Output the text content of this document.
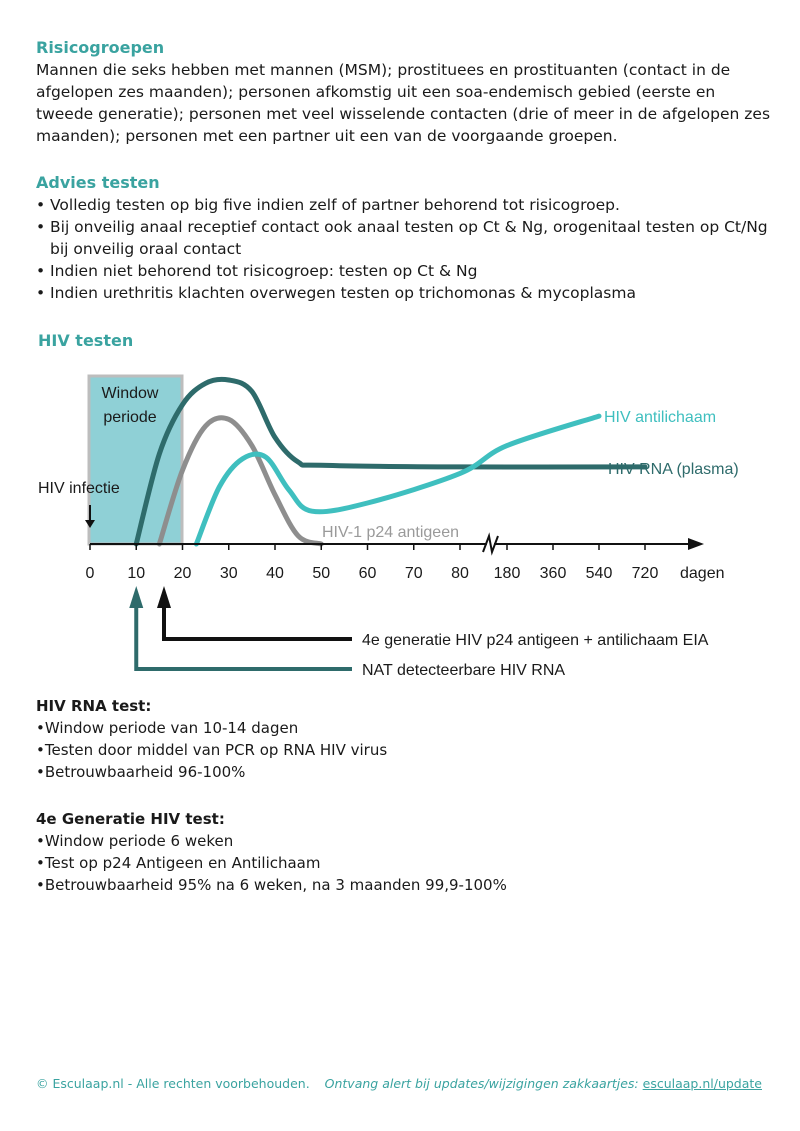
Risicogroepen
Mannen die seks hebben met mannen (MSM); prostituees en prostituanten (contact in de afgelopen zes maanden); personen afkomstig uit een soa-endemisch gebied (eerste en tweede generatie); personen met veel wisselende contacten (drie of meer in de afgelopen zes maanden); personen met een partner uit een van de voorgaande groepen.
Advies testen
• Volledig testen op big five indien zelf of partner behorend tot risicogroep.
• Bij onveilig anaal receptief contact ook anaal testen op Ct & Ng, orogenitaal testen op Ct/Ng bij onveilig oraal contact
• Indien niet behorend tot risicogroep: testen op Ct & Ng
• Indien urethritis klachten overwegen testen op trichomonas & mycoplasma
HIV testen
Window
periode
HIV infectie
0 10 20 30 40 50 60 70 80 180 360 540 720 dagen
HIV antilichaam
HIV RNA (plasma)
HIV-1 p24 antigeen
4e generatie HIV p24 antigeen + antilichaam EIA
NAT detecteerbare HIV RNA
HIV RNA test:
• Window periode van 10-14 dagen
• Testen door middel van PCR op RNA HIV virus
• Betrouwbaarheid 96-100%
4e Generatie HIV test:
• Window periode 6 weken
• Test op p24 Antigeen en Antilichaam
• Betrouwbaarheid 95% na 6 weken, na 3 maanden 99,9-100%
© Esculaap.nl - Alle rechten voorbehouden. Ontvang alert bij updates/wijzigingen zakkaartjes: esculaap.nl/update
